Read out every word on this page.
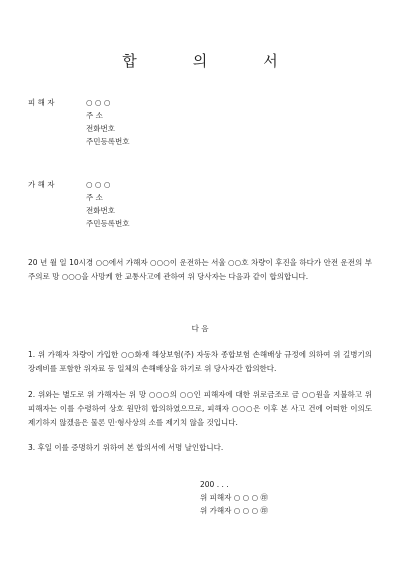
합	의	서
피 해 자	○ ○ ○
주 소
전화번호
주민등록번호
가 해 자	○ ○ ○
주 소
전화번호
주민등록번호
20 년 월 일 10시경 ○○에서 가해자 ○○○이 운전하는 서울 ○○호 차량이 후진을 하다가 안전 운전의 부주의로 망 ○○○을 사망케 한 교통사고에 관하여 위 당사자는 다음과 같이 합의합니다.
다 음
1. 위 가해자 차량이 가입한 ○○화재 해상보험(주) 자동차 종합보험 손해배상 규정에 의하여 위 길병기의 장례비를 포함한 위자료 등 일체의 손해배상을 하기로 위 당사자간 합의한다.
2. 위와는 별도로 위 가해자는 위 망 ○○○의 ○○인 피해자에 대한 위로금조로 금 ○○원을 지불하고 위 피해자는 이를 수령하여 상호 원만히 합의하였으므로, 피해자 ○○○은 이후 본 사고 건에 어떠한 이의도 제기하지 않겠음은 물론 민·형사상의 소를 제기치 않을 것입니다.
3. 후일 이를 증명하기 위하여 본 합의서에 서명 날인합니다.
200 . . .
위 피해자 ○ ○ ○ ㊞
위 가해자 ○ ○ ○ ㊞
